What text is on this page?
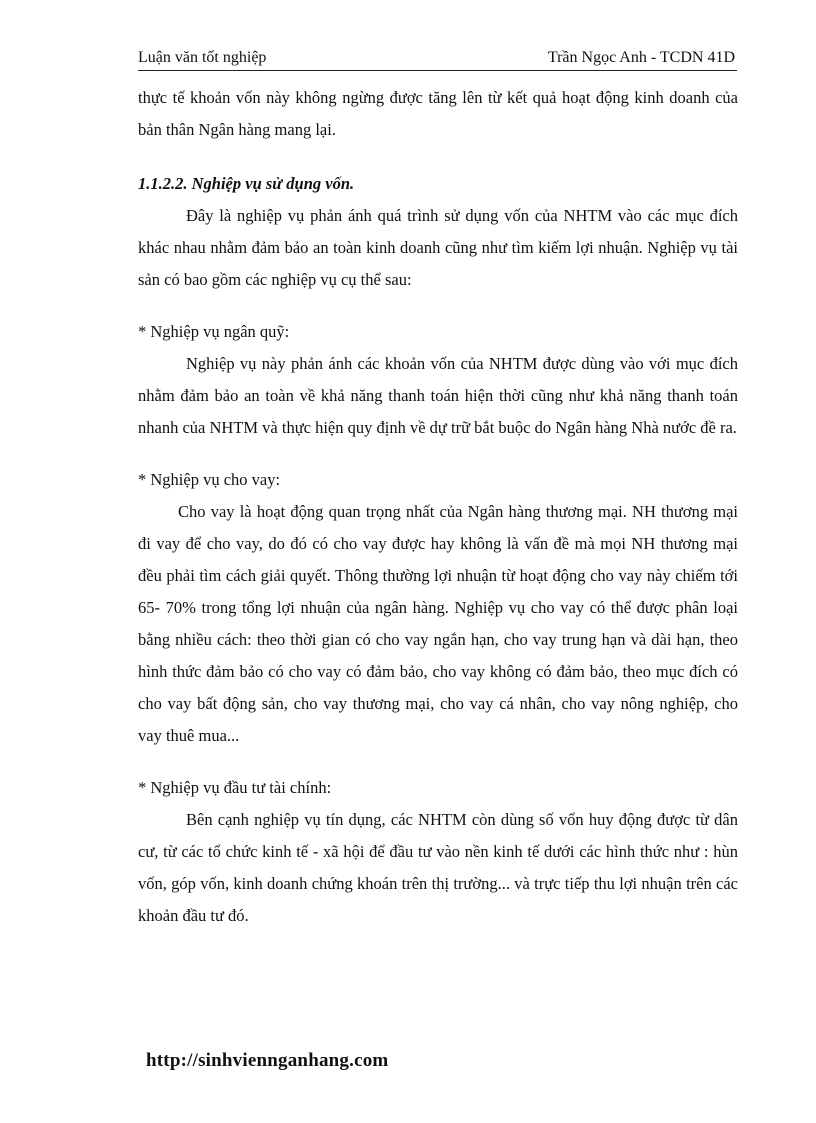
Luận văn tốt nghiệp	Trần Ngọc Anh - TCDN 41D

thực tế khoản vốn này không ngừng được tăng lên từ kết quả hoạt động kinh doanh của bản thân Ngân hàng mang lại.

1.1.2.2. Nghiệp vụ sử dụng vốn.

Đây là nghiệp vụ phản ánh quá trình sử dụng vốn của NHTM vào các mục đích khác nhau nhằm đảm bảo an toàn kinh doanh cũng như tìm kiếm lợi nhuận. Nghiệp vụ tài sản có bao gồm các nghiệp vụ cụ thể sau:

* Nghiệp vụ ngân quỹ:

Nghiệp vụ này phản ánh các khoản vốn của NHTM được dùng vào với mục đích nhằm đảm bảo an toàn về khả năng thanh toán hiện thời cũng như khả năng thanh toán nhanh của NHTM và thực hiện quy định về dự trữ bắt buộc do Ngân hàng Nhà nước đề ra.

* Nghiệp vụ cho vay:

Cho vay là hoạt động quan trọng nhất của Ngân hàng thương mại. NH thương mại đi vay để cho vay, do đó có cho vay được hay không là vấn đề mà mọi NH thương mại đều phải tìm cách giải quyết. Thông thường lợi nhuận từ hoạt động cho vay này chiếm tới 65- 70% trong tổng lợi nhuận của ngân hàng. Nghiệp vụ cho vay có thể được phân loại bằng nhiều cách: theo thời gian có cho vay ngắn hạn, cho vay trung hạn và dài hạn, theo hình thức đảm bảo có cho vay có đảm bảo, cho vay không có đảm bảo, theo mục đích có cho vay bất động sản, cho vay thương mại, cho vay cá nhân, cho vay nông nghiệp, cho vay thuê mua...

* Nghiệp vụ đầu tư tài chính:

Bên cạnh nghiệp vụ tín dụng, các NHTM còn dùng số vốn huy động được từ dân cư, từ các tổ chức kinh tế - xã hội để đầu tư vào nền kinh tế dưới các hình thức như : hùn vốn, góp vốn, kinh doanh chứng khoán trên thị trường... và trực tiếp thu lợi nhuận trên các khoản đầu tư đó.

http://sinhviennganhang.com
